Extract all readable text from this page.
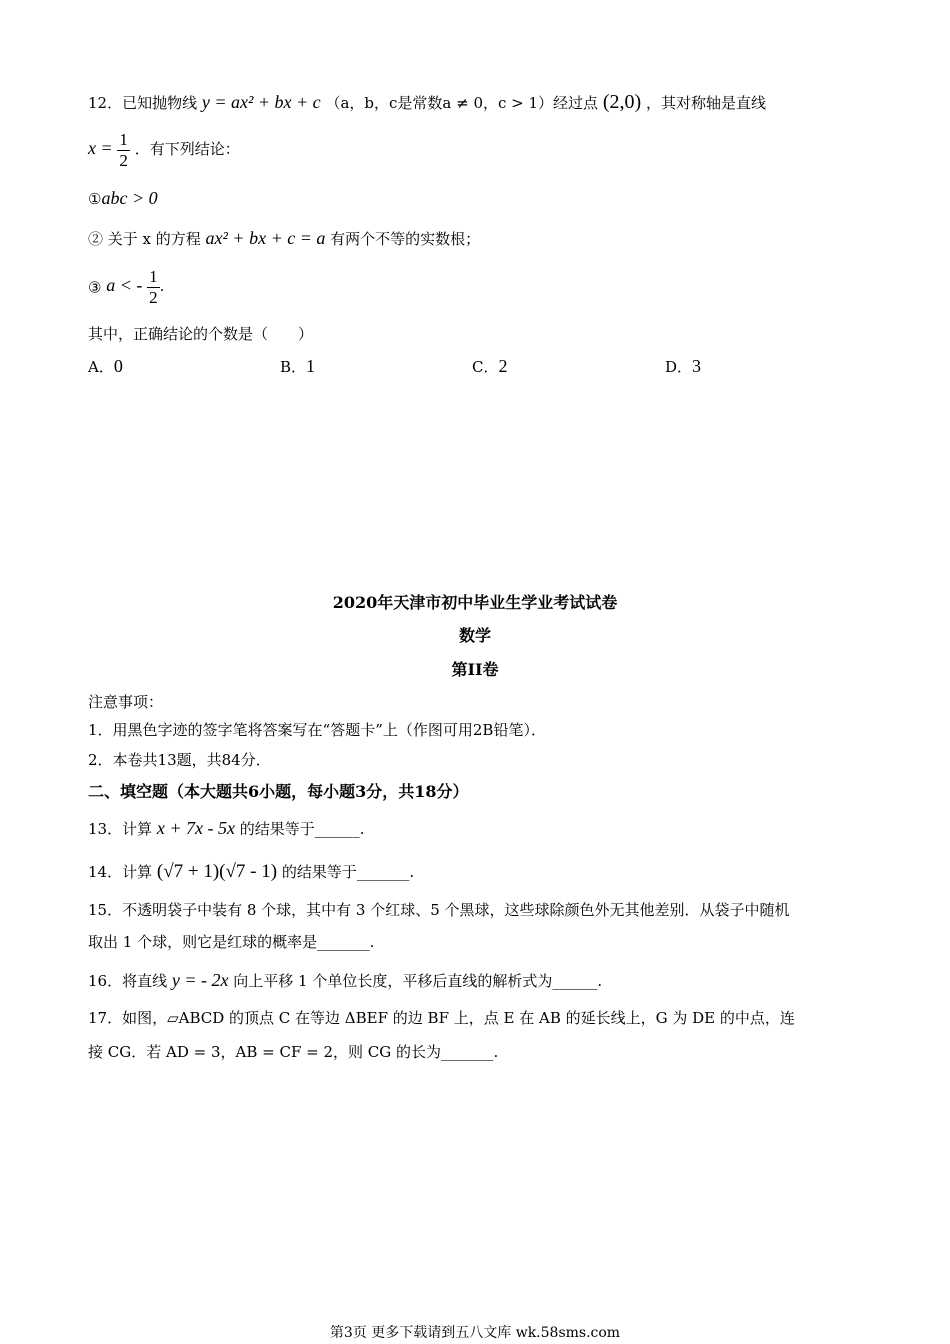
12．已知抛物线 y = ax² + bx + c （a，b，c是常数a ≠ 0，c > 1）经过点 (2,0) ，其对称轴是直线
$x = \frac{1}{2}$ ．有下列结论：
①abc > 0
② 关于 x 的方程 ax² + bx + c = a 有两个不等的实数根；
③ a < - $\frac{1}{2}$ .
其中，正确结论的个数是（　　）
A．0	B．1	C．2	D．3
2020年天津市初中毕业生学业考试试卷
数学
第II卷
注意事项：
1．用黑色字迹的签字笔将答案写在“答题卡”上（作图可用2B铅笔）．
2．本卷共13题，共84分．
二、填空题（本大题共6小题，每小题3分，共18分）
13．计算 x + 7x - 5x 的结果等于______.
14．计算 (√7 + 1)(√7 - 1) 的结果等于_______.
15．不透明袋子中装有 8 个球，其中有 3 个红球、5 个黑球，这些球除颜色外无其他差别．从袋子中随机
取出 1 个球，则它是红球的概率是_______.
16．将直线 y = - 2x 向上平移 1 个单位长度，平移后直线的解析式为______.
17．如图，▱ABCD 的顶点 C 在等边 ΔBEF 的边 BF 上，点 E 在 AB 的延长线上，G 为 DE 的中点，连
接 CG．若 AD = 3，AB = CF = 2，则 CG 的长为_______.
第3页 更多下载请到五八文库 wk.58sms.com
